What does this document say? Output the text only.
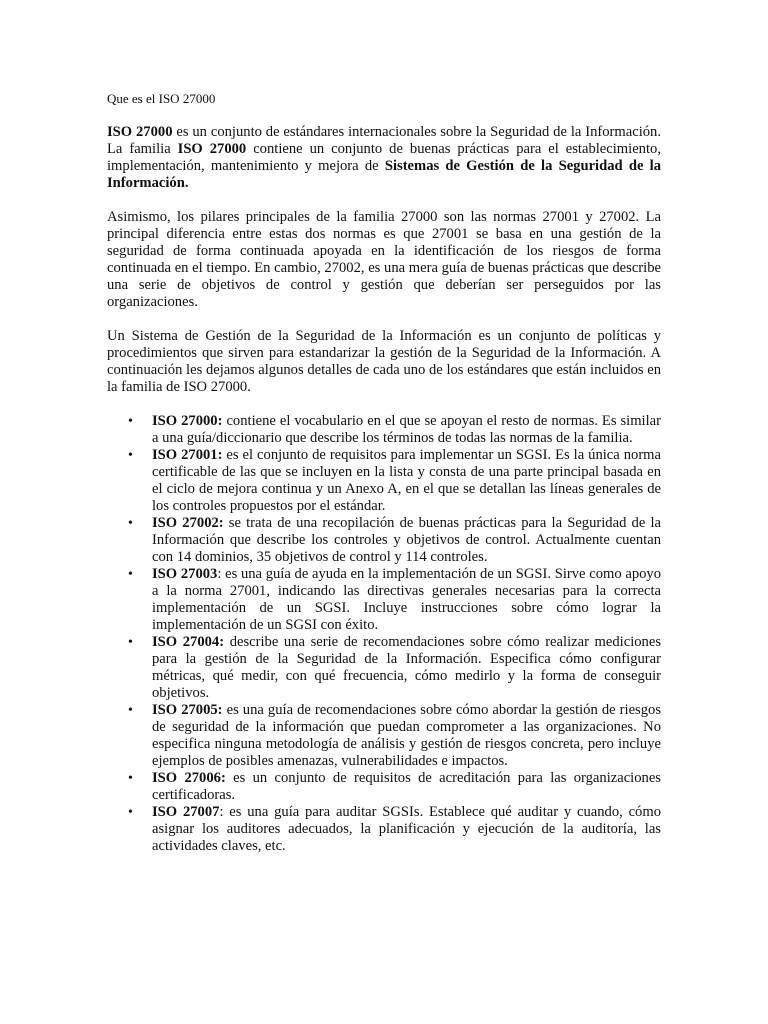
Que es el ISO 27000

ISO 27000 es un conjunto de estándares internacionales sobre la Seguridad de la Información. La familia ISO 27000 contiene un conjunto de buenas prácticas para el establecimiento, implementación, mantenimiento y mejora de Sistemas de Gestión de la Seguridad de la Información.

Asimismo, los pilares principales de la familia 27000 son las normas 27001 y 27002. La principal diferencia entre estas dos normas es que 27001 se basa en una gestión de la seguridad de forma continuada apoyada en la identificación de los riesgos de forma continuada en el tiempo. En cambio, 27002, es una mera guía de buenas prácticas que describe una serie de objetivos de control y gestión que deberían ser perseguidos por las organizaciones.

Un Sistema de Gestión de la Seguridad de la Información es un conjunto de políticas y procedimientos que sirven para estandarizar la gestión de la Seguridad de la Información. A continuación les dejamos algunos detalles de cada uno de los estándares que están incluidos en la familia de ISO 27000.

• ISO 27000: contiene el vocabulario en el que se apoyan el resto de normas. Es similar a una guía/diccionario que describe los términos de todas las normas de la familia.
• ISO 27001: es el conjunto de requisitos para implementar un SGSI. Es la única norma certificable de las que se incluyen en la lista y consta de una parte principal basada en el ciclo de mejora continua y un Anexo A, en el que se detallan las líneas generales de los controles propuestos por el estándar.
• ISO 27002: se trata de una recopilación de buenas prácticas para la Seguridad de la Información que describe los controles y objetivos de control. Actualmente cuentan con 14 dominios, 35 objetivos de control y 114 controles.
• ISO 27003: es una guía de ayuda en la implementación de un SGSI. Sirve como apoyo a la norma 27001, indicando las directivas generales necesarias para la correcta implementación de un SGSI. Incluye instrucciones sobre cómo lograr la implementación de un SGSI con éxito.
• ISO 27004: describe una serie de recomendaciones sobre cómo realizar mediciones para la gestión de la Seguridad de la Información. Especifica cómo configurar métricas, qué medir, con qué frecuencia, cómo medirlo y la forma de conseguir objetivos.
• ISO 27005: es una guía de recomendaciones sobre cómo abordar la gestión de riesgos de seguridad de la información que puedan comprometer a las organizaciones. No especifica ninguna metodología de análisis y gestión de riesgos concreta, pero incluye ejemplos de posibles amenazas, vulnerabilidades e impactos.
• ISO 27006: es un conjunto de requisitos de acreditación para las organizaciones certificadoras.
• ISO 27007: es una guía para auditar SGSIs. Establece qué auditar y cuando, cómo asignar los auditores adecuados, la planificación y ejecución de la auditoría, las actividades claves, etc.
